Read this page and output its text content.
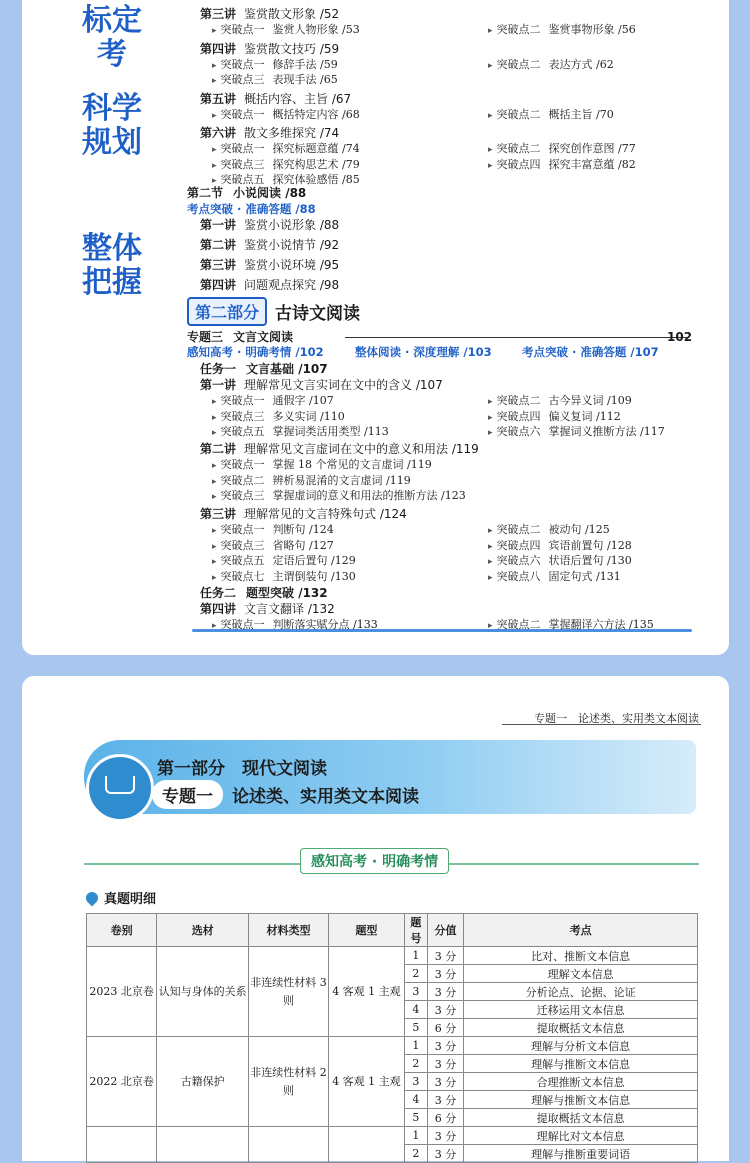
标定考
科学规划
整体把握
第二部分 古诗文阅读
第三讲 鉴赏散文形象 /52
▸ 突破点一 鉴赏人物形象 /53	▸ 突破点二 鉴赏事物形象 /56
第四讲 鉴赏散文技巧 /59
▸ 突破点一 修辞手法 /59	▸ 突破点二 表达方式 /62
▸ 突破点三 表现手法 /65
第五讲 概括内容、主旨 /67
▸ 突破点一 概括特定内容 /68	▸ 突破点二 概括主旨 /70
第六讲 散文多维探究 /74
▸ 突破点一 探究标题意蕴 /74	▸ 突破点二 探究创作意图 /77
▸ 突破点三 探究构思艺术 /79	▸ 突破点四 探究丰富意蕴 /82
▸ 突破点五 探究体验感悟 /85
第二节 小说阅读 /88
考点突破 · 准确答题 /88
第一讲 鉴赏小说形象 /88
第二讲 鉴赏小说情节 /92
第三讲 鉴赏小说环境 /95
第四讲 问题观点探究 /98
专题三 文言文阅读	102
感知高考 · 明确考情 /102	整体阅读 · 深度理解 /103	考点突破 · 准确答题 /107
任务一 文言基础 /107
第一讲 理解常见文言实词在文中的含义 /107
▸ 突破点一 通假字 /107	▸ 突破点二 古今异义词 /109
▸ 突破点三 多义实词 /110	▸ 突破点四 偏义复词 /112
▸ 突破点五 掌握词类活用类型 /113	▸ 突破点六 掌握词义推断方法 /117
第二讲 理解常见文言虚词在文中的意义和用法 /119
▸ 突破点一 掌握 18 个常见的文言虚词 /119
▸ 突破点二 辨析易混淆的文言虚词 /119
▸ 突破点三 掌握虚词的意义和用法的推断方法 /123
第三讲 理解常见的文言特殊句式 /124
▸ 突破点一 判断句 /124	▸ 突破点二 被动句 /125
▸ 突破点三 省略句 /127	▸ 突破点四 宾语前置句 /128
▸ 突破点五 定语后置句 /129	▸ 突破点六 状语后置句 /130
▸ 突破点七 主谓倒装句 /130	▸ 突破点八 固定句式 /131
任务二 题型突破 /132
第四讲 文言文翻译 /132
▸ 突破点一 判断落实赋分点 /133	▸ 突破点二 掌握翻译六方法 /135
专题一　论述类、实用类文本阅读
第一部分　现代文阅读
专题一	论述类、实用类文本阅读
感知高考 · 明确考情
真题明细
卷别	选材	材料类型	题型	题号	分值	考点
2023 北京卷	认知与身体的关系	非连续性材料 3 则	4 客观 1 主观	1	3 分	比对、推断文本信息
				2	3 分	理解文本信息
				3	3 分	分析论点、论据、论证
				4	3 分	迁移运用文本信息
				5	6 分	提取概括文本信息
2022 北京卷	古籍保护	非连续性材料 2 则	4 客观 1 主观	1	3 分	理解与分析文本信息
				2	3 分	理解与推断文本信息
				3	3 分	合理推断文本信息
				4	3 分	理解与推断文本信息
				5	6 分	提取概括文本信息
				1	3 分	理解比对文本信息
				2	3 分	理解与推断重要词语
